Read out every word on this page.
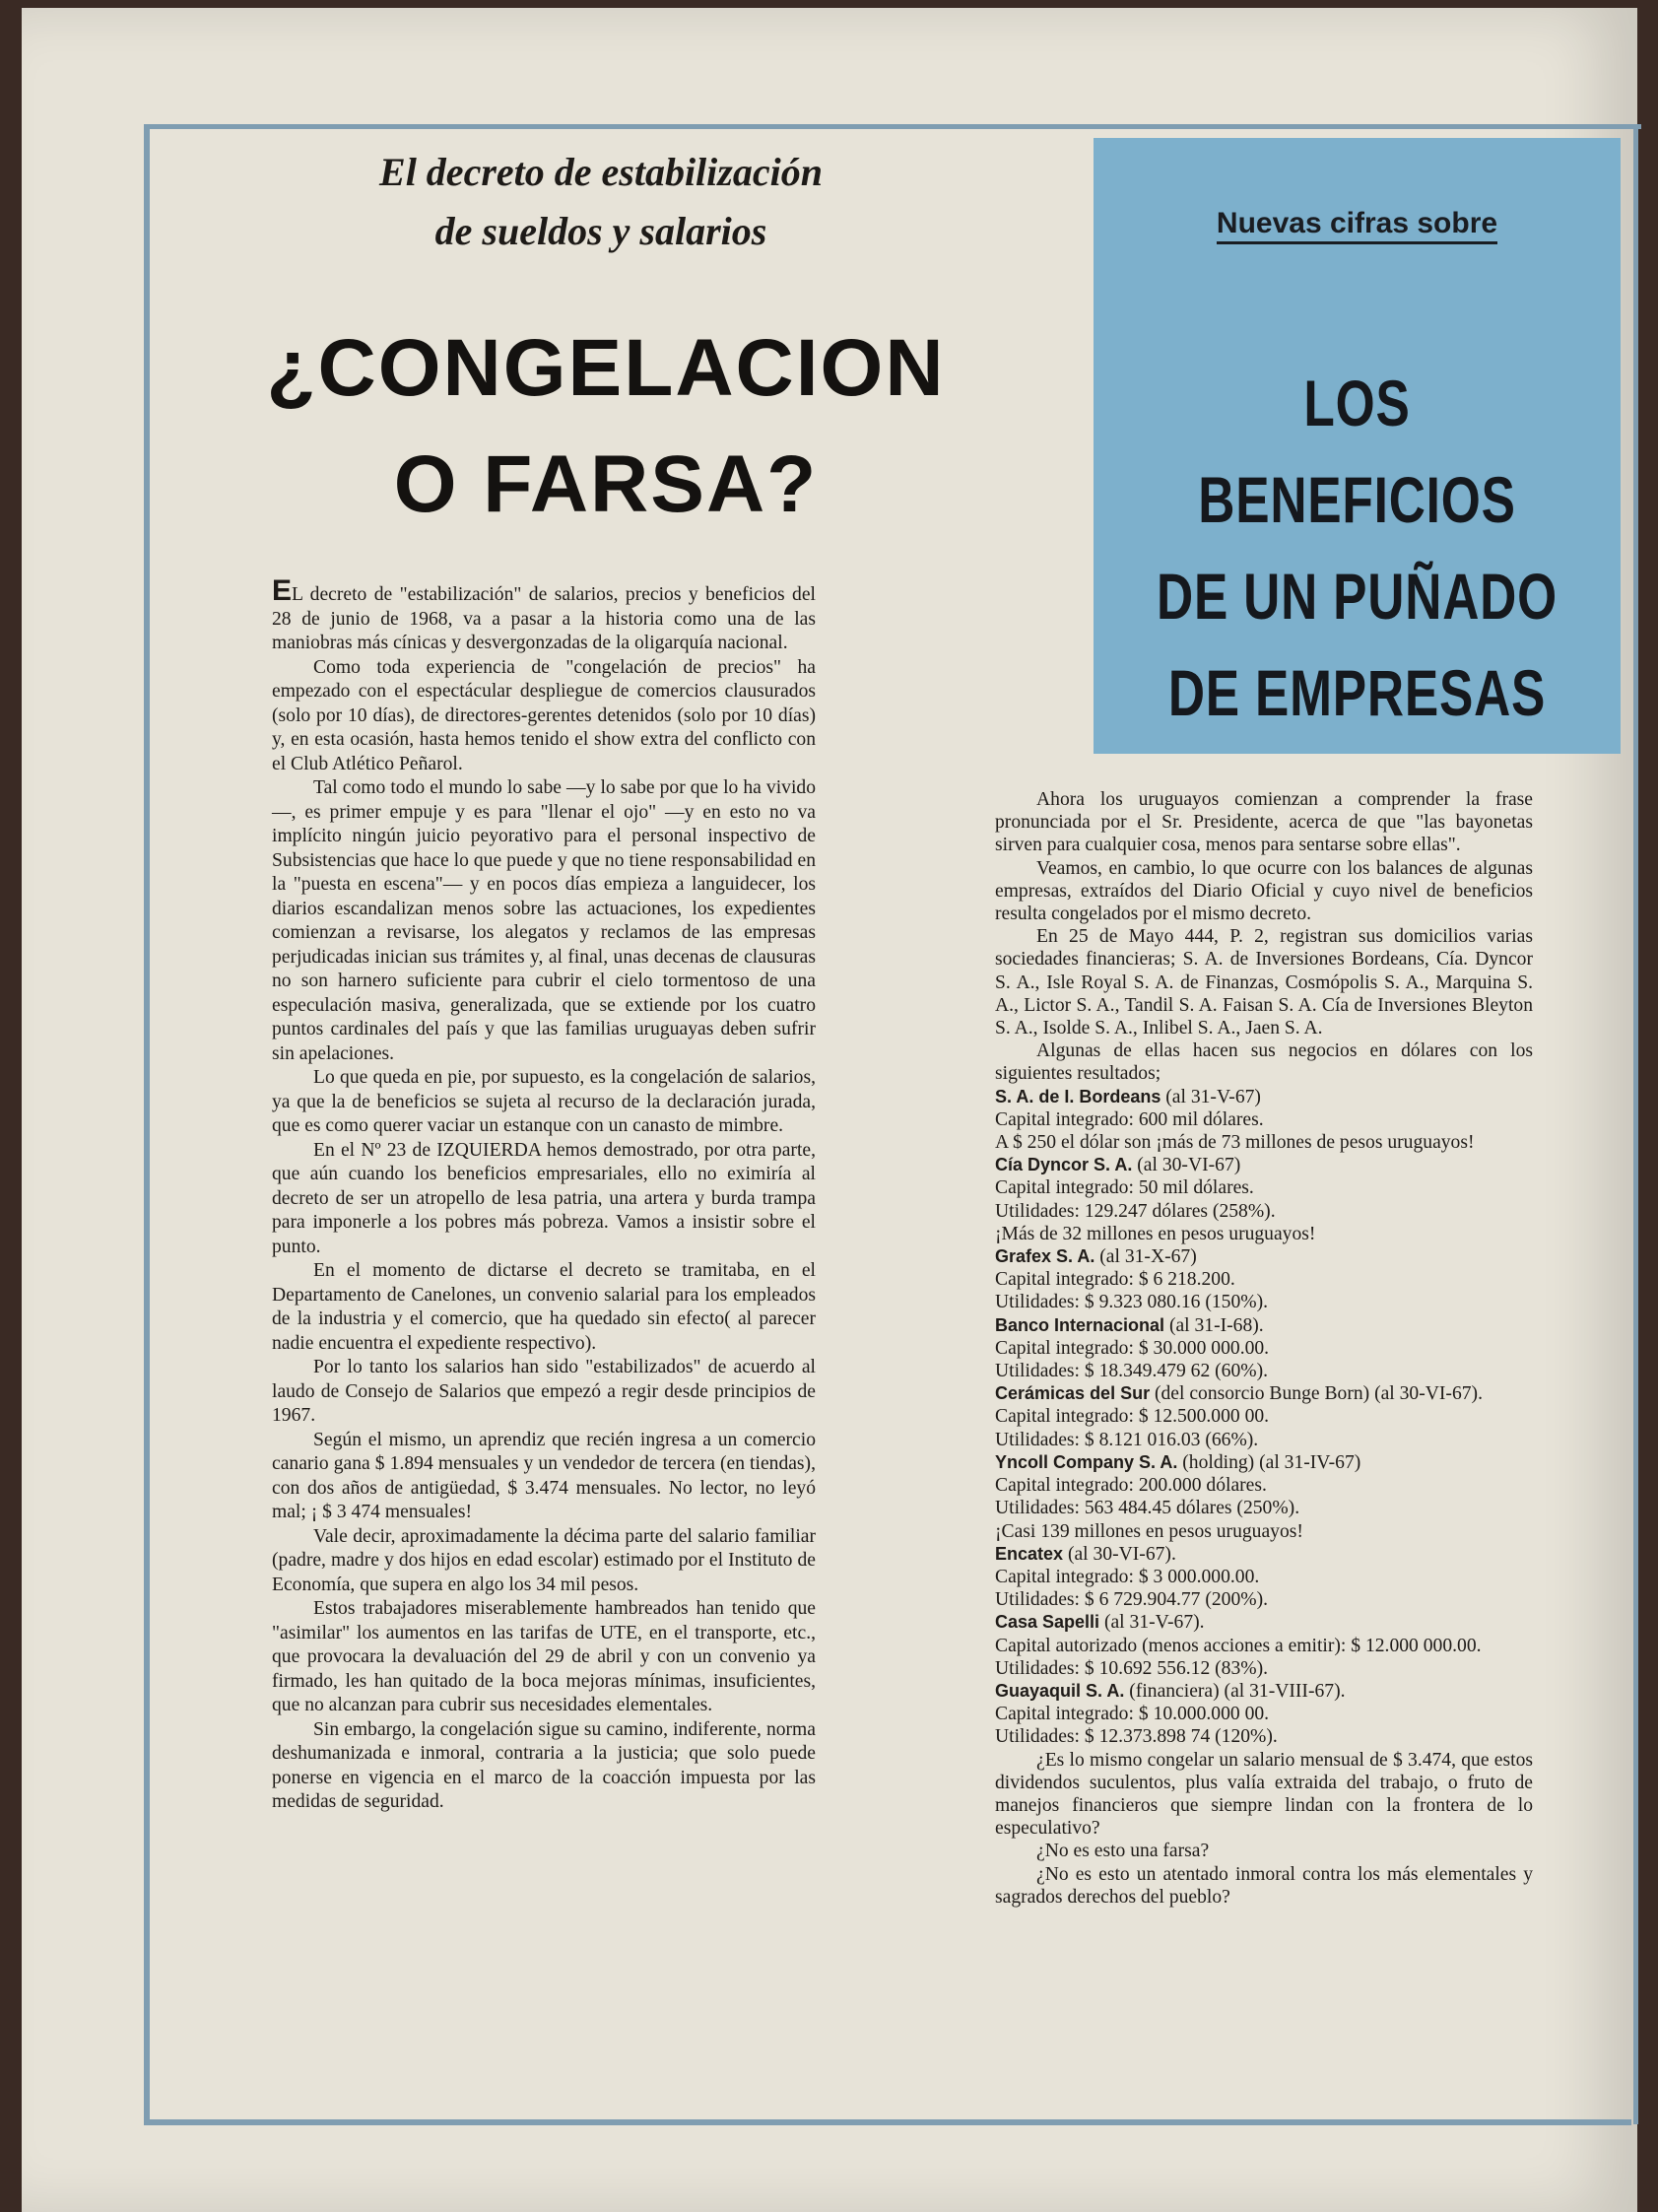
El decreto de estabilización
de sueldos y salarios
¿CONGELACION
O FARSA?

EL decreto de "estabilización" de salarios, precios y beneficios del 28 de junio de 1968, va a pasar a la historia como una de las maniobras más cínicas y desvergonzadas de la oligarquía nacional.

Como toda experiencia de "congelación de precios" ha empezado con el espectácular despliegue de comercios clausurados (solo por 10 días), de directores-gerentes detenidos (solo por 10 días) y, en esta ocasión, hasta hemos tenido el show extra del conflicto con el Club Atlético Peñarol.

Tal como todo el mundo lo sabe —y lo sabe por que lo ha vivido—, es primer empuje y es para "llenar el ojo" —y en esto no va implícito ningún juicio peyorativo para el personal inspectivo de Subsistencias que hace lo que puede y que no tiene responsabilidad en la "puesta en escena"— y en pocos días empieza a languidecer, los diarios escandalizan menos sobre las actuaciones, los expedientes comienzan a revisarse, los alegatos y reclamos de las empresas perjudicadas inician sus trámites y, al final, unas decenas de clausuras no son harnero suficiente para cubrir el cielo tormentoso de una especulación masiva, generalizada, que se extiende por los cuatro puntos cardinales del país y que las familias uruguayas deben sufrir sin apelaciones.

Lo que queda en pie, por supuesto, es la congelación de salarios, ya que la de beneficios se sujeta al recurso de la declaración jurada, que es como querer vaciar un estanque con un canasto de mimbre.

En el Nº 23 de IZQUIERDA hemos demostrado, por otra parte, que aún cuando los beneficios empresariales, ello no eximiría al decreto de ser un atropello de lesa patria, una artera y burda trampa para imponerle a los pobres más pobreza. Vamos a insistir sobre el punto.

En el momento de dictarse el decreto se tramitaba, en el Departamento de Canelones, un convenio salarial para los empleados de la industria y el comercio, que ha quedado sin efecto( al parecer nadie encuentra el expediente respectivo).

Por lo tanto los salarios han sido "estabilizados" de acuerdo al laudo de Consejo de Salarios que empezó a regir desde principios de 1967.

Según el mismo, un aprendiz que recién ingresa a un comercio canario gana $ 1.894 mensuales y un vendedor de tercera (en tiendas), con dos años de antigüedad, $ 3.474 mensuales. No lector, no leyó mal; ¡ $ 3 474 mensuales!

Vale decir, aproximadamente la décima parte del salario familiar (padre, madre y dos hijos en edad escolar) estimado por el Instituto de Economía, que supera en algo los 34 mil pesos.

Estos trabajadores miserablemente hambreados han tenido que "asimilar" los aumentos en las tarifas de UTE, en el transporte, etc., que provocara la devaluación del 29 de abril y con un convenio ya firmado, les han quitado de la boca mejoras mínimas, insuficientes, que no alcanzan para cubrir sus necesidades elementales.

Sin embargo, la congelación sigue su camino, indiferente, norma deshumanizada e inmoral, contraria a la justicia; que solo puede ponerse en vigencia en el marco de la coacción impuesta por las medidas de seguridad.

Nuevas cifras sobre
LOS BENEFICIOS
DE UN PUÑADO
DE EMPRESAS

Ahora los uruguayos comienzan a comprender la frase pronunciada por el Sr. Presidente, acerca de que "las bayonetas sirven para cualquier cosa, menos para sentarse sobre ellas".

Veamos, en cambio, lo que ocurre con los balances de algunas empresas, extraídos del Diario Oficial y cuyo nivel de beneficios resulta congelados por el mismo decreto.

En 25 de Mayo 444, P. 2, registran sus domicilios varias sociedades financieras; S. A. de Inversiones Bordeans, Cía. Dyncor S. A., Isle Royal S. A. de Finanzas, Cosmópolis S. A., Marquina S. A., Lictor S. A., Tandil S. A. Faisan S. A. Cía de Inversiones Bleyton S. A., Isolde S. A., Inlibel S. A., Jaen S. A.

Algunas de ellas hacen sus negocios en dólares con los siguientes resultados;

S. A. de I. Bordeans (al 31-V-67)

Capital integrado: 600 mil dólares.

A $ 250 el dólar son ¡más de 73 millones de pesos uruguayos!

Cía Dyncor S. A. (al 30-VI-67)

Capital integrado: 50 mil dólares.

Utilidades: 129.247 dólares (258%).

¡Más de 32 millones en pesos uruguayos!

Grafex S. A. (al 31-X-67)

Capital integrado: $ 6 218.200.

Utilidades: $ 9.323 080.16 (150%).

Banco Internacional (al 31-I-68).

Capital integrado: $ 30.000 000.00.

Utilidades: $ 18.349.479 62 (60%).

Cerámicas del Sur (del consorcio Bunge Born) (al 30-VI-67).

Capital integrado: $ 12.500.000 00.

Utilidades: $ 8.121 016.03 (66%).

Yncoll Company S. A. (holding) (al 31-IV-67)

Capital integrado: 200.000 dólares.

Utilidades: 563 484.45 dólares (250%).

¡Casi 139 millones en pesos uruguayos!

Encatex (al 30-VI-67).

Capital integrado: $ 3 000.000.00.

Utilidades: $ 6 729.904.77 (200%).

Casa Sapelli (al 31-V-67).

Capital autorizado (menos acciones a emitir): $ 12.000 000.00.

Utilidades: $ 10.692 556.12 (83%).

Guayaquil S. A. (financiera) (al 31-VIII-67).

Capital integrado: $ 10.000.000 00.

Utilidades: $ 12.373.898 74 (120%).

¿Es lo mismo congelar un salario mensual de $ 3.474, que estos dividendos suculentos, plus valía extraida del trabajo, o fruto de manejos financieros que siempre lindan con la frontera de lo especulativo?

¿No es esto una farsa?

¿No es esto un atentado inmoral contra los más elementales y sagrados derechos del pueblo?
